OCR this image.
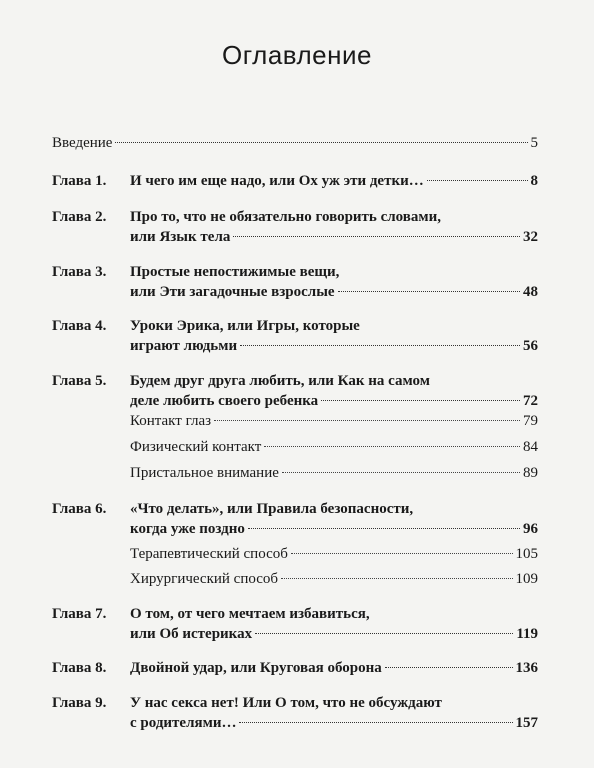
Оглавление
Введение	5
Глава 1.	И чего им еще надо, или Ох уж эти детки…	8
Глава 2.	Про то, что не обязательно говорить словами,
или Язык тела	32
Глава 3.	Простые непостижимые вещи,
или Эти загадочные взрослые	48
Глава 4.	Уроки Эрика, или Игры, которые
играют людьми	56
Глава 5.	Будем друг друга любить, или Как на самом
деле любить своего ребенка	72
Контакт глаз	79
Физический контакт	84
Пристальное внимание	89
Глава 6.	«Что делать», или Правила безопасности,
когда уже поздно	96
Терапевтический способ	105
Хирургический способ	109
Глава 7.	О том, от чего мечтаем избавиться,
или Об истериках	119
Глава 8.	Двойной удар, или Круговая оборона	136
Глава 9.	У нас секса нет! Или О том, что не обсуждают
с родителями…	157
